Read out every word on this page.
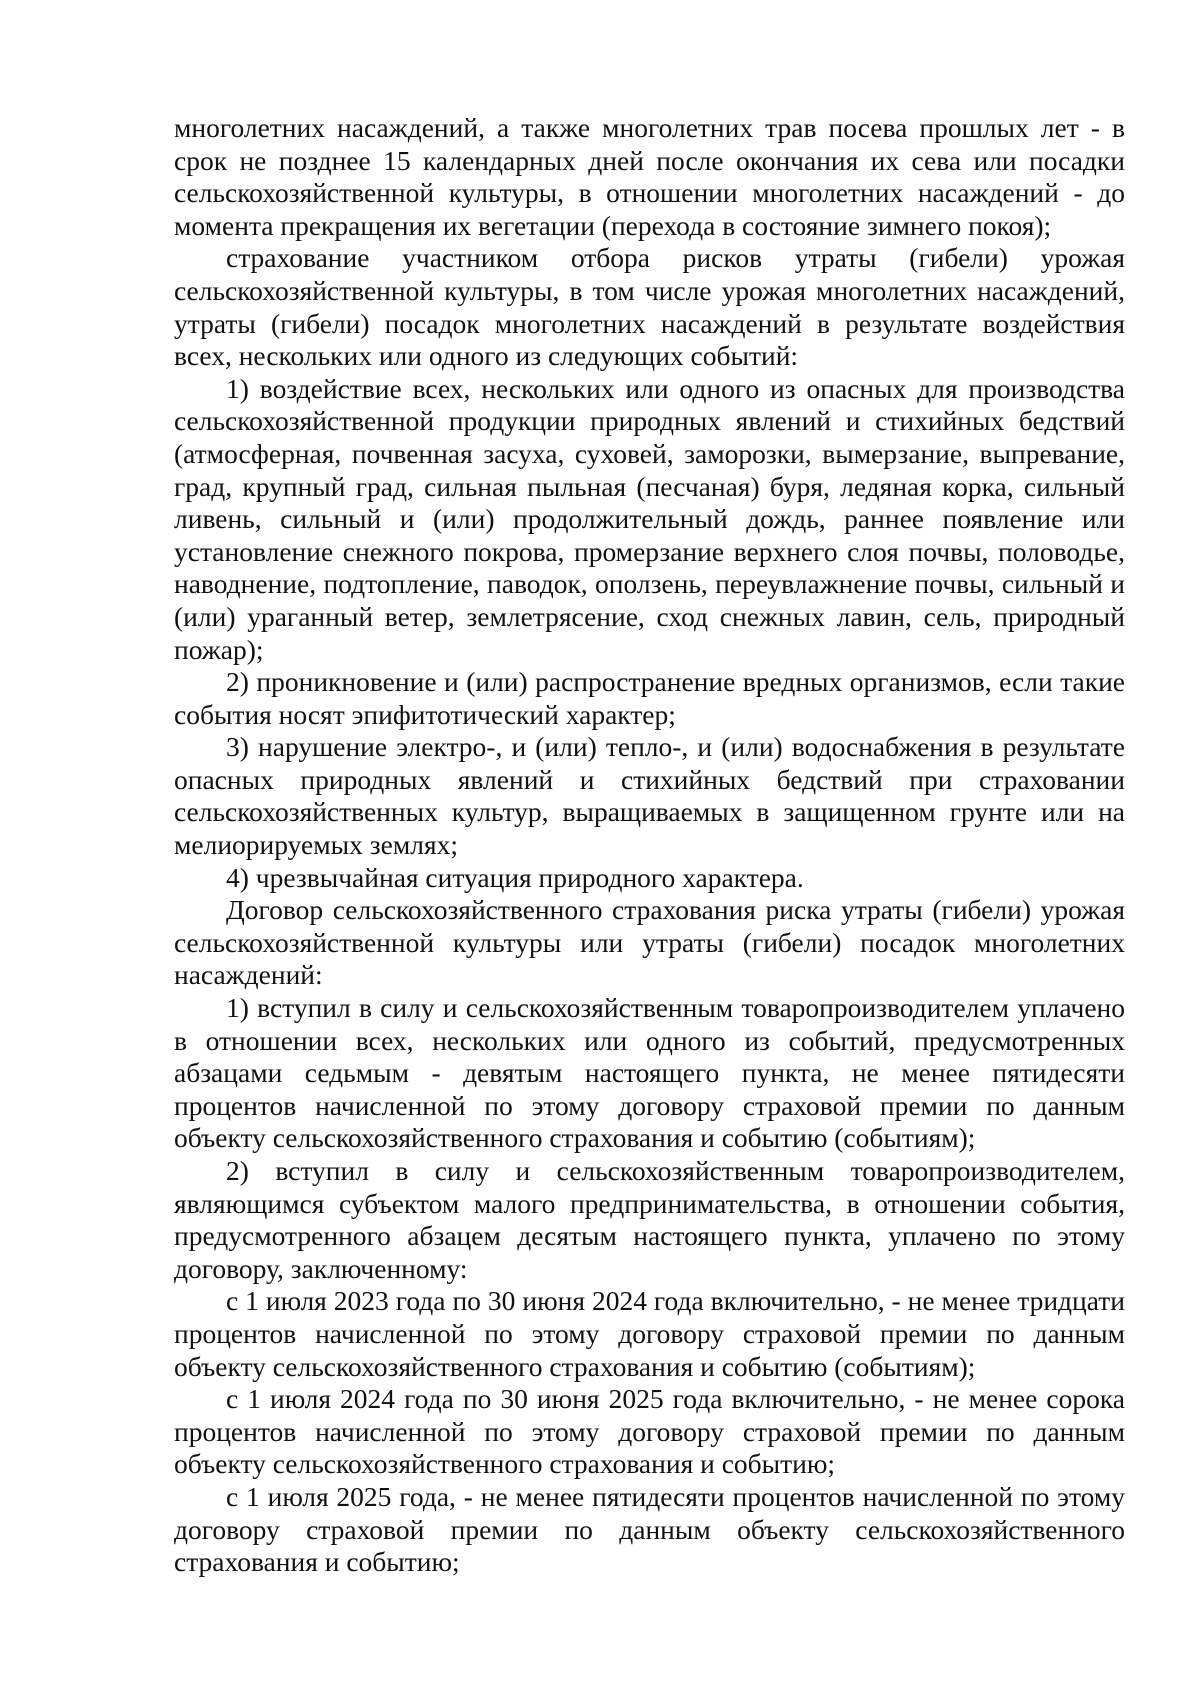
многолетних насаждений, а также многолетних трав посева прошлых лет - в срок не позднее 15 календарных дней после окончания их сева или посадки сельскохозяйственной культуры, в отношении многолетних насаждений - до момента прекращения их вегетации (перехода в состояние зимнего покоя);

страхование участником отбора рисков утраты (гибели) урожая сельскохозяйственной культуры, в том числе урожая многолетних насаждений, утраты (гибели) посадок многолетних насаждений в результате воздействия всех, нескольких или одного из следующих событий:

1) воздействие всех, нескольких или одного из опасных для производства сельскохозяйственной продукции природных явлений и стихийных бедствий (атмосферная, почвенная засуха, суховей, заморозки, вымерзание, выпревание, град, крупный град, сильная пыльная (песчаная) буря, ледяная корка, сильный ливень, сильный и (или) продолжительный дождь, раннее появление или установление снежного покрова, промерзание верхнего слоя почвы, половодье, наводнение, подтопление, паводок, оползень, переувлажнение почвы, сильный и (или) ураганный ветер, землетрясение, сход снежных лавин, сель, природный пожар);

2) проникновение и (или) распространение вредных организмов, если такие события носят эпифитотический характер;

3) нарушение электро-, и (или) тепло-, и (или) водоснабжения в результате опасных природных явлений и стихийных бедствий при страховании сельскохозяйственных культур, выращиваемых в защищенном грунте или на мелиорируемых землях;

4) чрезвычайная ситуация природного характера.

Договор сельскохозяйственного страхования риска утраты (гибели) урожая сельскохозяйственной культуры или утраты (гибели) посадок многолетних насаждений:

1) вступил в силу и сельскохозяйственным товаропроизводителем уплачено в отношении всех, нескольких или одного из событий, предусмотренных абзацами седьмым - девятым настоящего пункта, не менее пятидесяти процентов начисленной по этому договору страховой премии по данным объекту сельскохозяйственного страхования и событию (событиям);

2) вступил в силу и сельскохозяйственным товаропроизводителем, являющимся субъектом малого предпринимательства, в отношении события, предусмотренного абзацем десятым настоящего пункта, уплачено по этому договору, заключенному:

с 1 июля 2023 года по 30 июня 2024 года включительно, - не менее тридцати процентов начисленной по этому договору страховой премии по данным объекту сельскохозяйственного страхования и событию (событиям);

с 1 июля 2024 года по 30 июня 2025 года включительно, - не менее сорока процентов начисленной по этому договору страховой премии по данным объекту сельскохозяйственного страхования и событию;

с 1 июля 2025 года, - не менее пятидесяти процентов начисленной по этому договору страховой премии по данным объекту сельскохозяйственного страхования и событию;
